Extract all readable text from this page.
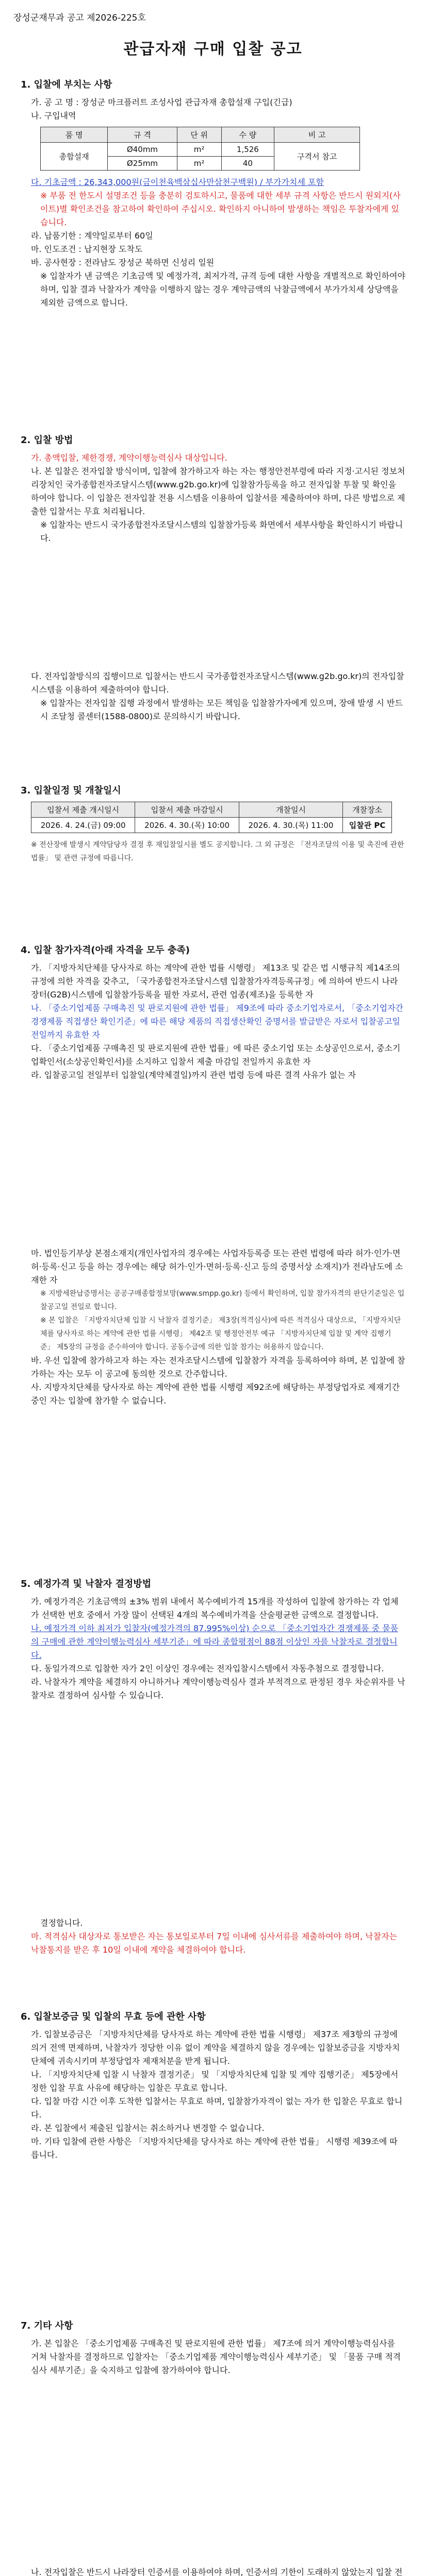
장성군재무과 공고 제2026-225호
관급자재 구매 입찰 공고

1. 입찰에 부치는 사항

가. 공 고 명 : 장성군 마크플러트 조성사업 관급자재 총합설재 구입(긴급)

나. 구입내역

품 명	규 격	단 위	수 량	비 고
총합설재	Ø40mm	m²	1,526	구격서 참고
	Ø25mm	m²	40	

다. 기초금액 : 26,343,000원(금이천육백삼십사만삼천구백원) / 부가가치세 포함

※ 부품 전 한도시 설명조건 등을 충분히 검토하시고, 물품에 대한 세부 규격 사항은 반드시 원외지(사이트)별 확인조건을 참고하여 확인하여 주십시오. 확인하지 아니하여 발생하는 책임은 투찰자에게 있습니다.

라. 납품기한 : 계약일로부터 60일

마. 인도조건 : 납지현장 도착도

바. 공사현장 : 전라남도 장성군 북하면 신성리 일원

※ 입찰자가 낸 금액은 기초금액 및 예정가격, 최저가격, 규격 등에 대한 사항을 개별적으로 확인하여야 하며, 입찰 결과 낙찰자가 계약을 이행하지 않는 경우 계약금액의 낙찰금액에서 부가가치세 상당액을 제외한 금액으로 합니다.

2. 입찰 방법

가. 총액입찰, 제한경쟁, 계약이행능력심사 대상입니다.

나. 본 입찰은 전자입찰 방식이며, 입찰에 참가하고자 하는 자는 행정안전부령에 따라 지정·고시된 정보처리장치인 국가종합전자조달시스템(www.g2b.go.kr)에 입찰참가등록을 하고 전자입찰 투찰 및 확인을 하여야 합니다. 이 입찰은 전자입찰 전용 시스템을 이용하여 입찰서를 제출하여야 하며, 다른 방법으로 제출한 입찰서는 무효 처리됩니다.

※ 입찰자는 반드시 국가종합전자조달시스템의 입찰참가등록 화면에서 세부사항을 확인하시기 바랍니다.

다. 전자입찰방식의 집행이므로 입찰서는 반드시 국가종합전자조달시스템(www.g2b.go.kr)의 전자입찰시스템을 이용하여 제출하여야 합니다.

※ 입찰자는 전자입찰 집행 과정에서 발생하는 모든 책임을 입찰참가자에게 있으며, 장애 발생 시 반드시 조달청 콜센터(1588-0800)로 문의하시기 바랍니다.

3. 입찰일정 및 개찰일시

입찰서 제출 개시일시	입찰서 제출 마감일시	개찰일시	개찰장소
2026. 4. 24.(금) 09:00	2026. 4. 30.(목) 10:00	2026. 4. 30.(목) 11:00	입찰관 PC

※ 전산장애 발생시 계약담당자 결정 후 재입찰일시를 별도 공지합니다. 그 외 규정은 「전자조달의 이용 및 촉진에 관한 법률」 및 관련 규정에 따릅니다.

4. 입찰 참가자격(아래 자격을 모두 충족)

가. 「지방자치단체를 당사자로 하는 계약에 관한 법률 시행령」 제13조 및 같은 법 시행규칙 제14조의 규정에 의한 자격을 갖추고, 「국가종합전자조달시스템 입찰참가자격등록규정」에 의하여 반드시 나라장터(G2B)시스템에 입찰참가등록을 필한 자로서, 관련 업종(제조)을 등록한 자

나. 「중소기업제품 구매촉진 및 판로지원에 관한 법률」 제9조에 따라 중소기업자로서, 「중소기업자간 경쟁제품 직접생산 확인기준」에 따른 해당 제품의 직접생산확인 증명서를 발급받은 자로서 입찰공고일 전일까지 유효한 자

다. 「중소기업제품 구매촉진 및 판로지원에 관한 법률」에 따른 중소기업 또는 소상공인으로서, 중소기업확인서(소상공인확인서)를 소지하고 입찰서 제출 마감일 전일까지 유효한 자

라. 입찰공고일 전일부터 입찰일(계약체결일)까지 관련 법령 등에 따른 결격 사유가 없는 자

마. 법인등기부상 본점소재지(개인사업자의 경우에는 사업자등록증 또는 관련 법령에 따라 허가·인가·면허·등록·신고 등을 하는 경우에는 해당 허가·인가·면허·등록·신고 등의 증명서상 소재지)가 전라남도에 소재한 자

※ 지방세완납증명서는 공공구매종합정보망(www.smpp.go.kr) 등에서 확인하며, 입찰 참가자격의 판단기준일은 입찰공고일 전일로 합니다.

※ 본 입찰은 「지방자치단체 입찰 시 낙찰자 결정기준」 제3장(적격심사)에 따른 적격심사 대상으로, 「지방자치단체를 당사자로 하는 계약에 관한 법률 시행령」 제42조 및 행정안전부 예규 「지방자치단체 입찰 및 계약 집행기준」 제5장의 규정을 준수하여야 합니다. 공동수급에 의한 입찰 참가는 허용하지 않습니다.

바. 우선 입찰에 참가하고자 하는 자는 전자조달시스템에 입찰참가 자격을 등록하여야 하며, 본 입찰에 참가하는 자는 모두 이 공고에 동의한 것으로 간주합니다.

사. 지방자치단체를 당사자로 하는 계약에 관한 법률 시행령 제92조에 해당하는 부정당업자로 제재기간 중인 자는 입찰에 참가할 수 없습니다.

5. 예정가격 및 낙찰자 결정방법

가. 예정가격은 기초금액의 ±3% 범위 내에서 복수예비가격 15개를 작성하여 입찰에 참가하는 각 업체가 선택한 번호 중에서 가장 많이 선택된 4개의 복수예비가격을 산술평균한 금액으로 결정합니다.

나. 예정가격 이하 최저가 입찰자(예정가격의 87.995%이상) 순으로 「중소기업자간 경쟁제품 중 물품의 구매에 관한 계약이행능력심사 세부기준」에 따라 종합평점이 88점 이상인 자를 낙찰자로 결정합니다.

다. 동일가격으로 입찰한 자가 2인 이상인 경우에는 전자입찰시스템에서 자동추첨으로 결정합니다.

라. 낙찰자가 계약을 체결하지 아니하거나 계약이행능력심사 결과 부적격으로 판정된 경우 차순위자를 낙찰자로 결정하여 심사할 수 있습니다.

결정합니다.

마. 적격심사 대상자로 통보받은 자는 통보일로부터 7일 이내에 심사서류를 제출하여야 하며, 낙찰자는 낙찰통지를 받은 후 10일 이내에 계약을 체결하여야 합니다.

6. 입찰보증금 및 입찰의 무효 등에 관한 사항

가. 입찰보증금은 「지방자치단체를 당사자로 하는 계약에 관한 법률 시행령」 제37조 제3항의 규정에 의거 전액 면제하며, 낙찰자가 정당한 이유 없이 계약을 체결하지 않을 경우에는 입찰보증금을 지방자치단체에 귀속시키며 부정당업자 제재처분을 받게 됩니다.

나. 「지방자치단체 입찰 시 낙찰자 결정기준」 및 「지방자치단체 입찰 및 계약 집행기준」 제5장에서 정한 입찰 무효 사유에 해당하는 입찰은 무효로 합니다.

다. 입찰 마감 시간 이후 도착한 입찰서는 무효로 하며, 입찰참가자격이 없는 자가 한 입찰은 무효로 합니다.

라. 본 입찰에서 제출된 입찰서는 취소하거나 변경할 수 없습니다.

마. 기타 입찰에 관한 사항은 「지방자치단체를 당사자로 하는 계약에 관한 법률」 시행령 제39조에 따릅니다.

7. 기타 사항

가. 본 입찰은 「중소기업제품 구매촉진 및 판로지원에 관한 법률」 제7조에 의거 계약이행능력심사를 거쳐 낙찰자를 결정하므로 입찰자는 「중소기업제품 계약이행능력심사 세부기준」 및 「물품 구매 적격심사 세부기준」을 숙지하고 입찰에 참가하여야 합니다.

나. 전자입찰은 반드시 나라장터 인증서를 이용하여야 하며, 인증서의 기한이 도래하지 않았는지 입찰 전
